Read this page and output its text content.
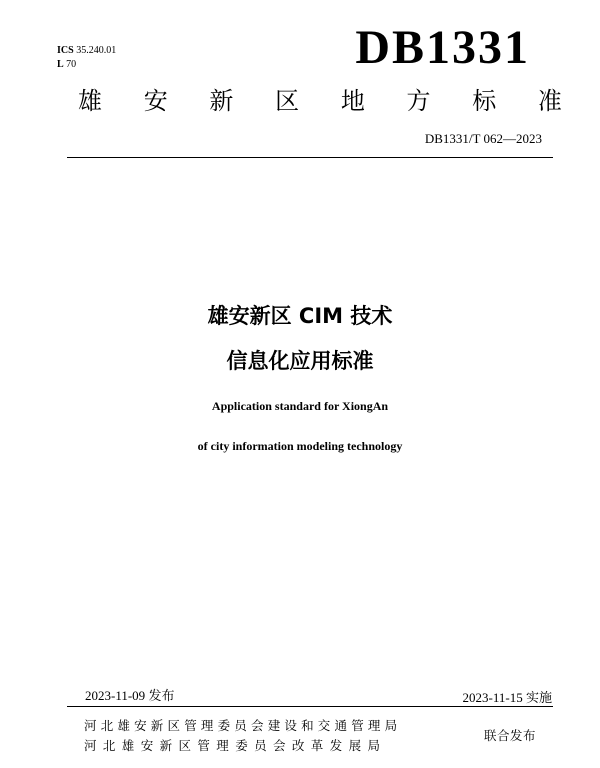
ICS 35.240.01
L 70	DB1331
雄 安 新 区 地 方 标 准
DB1331/T 062—2023
雄安新区 CIM 技术
信息化应用标准
Application standard for XiongAn
of city information modeling technology
2023-11-09 发布	2023-11-15 实施
河北雄安新区管理委员会建设和交通管理局
河北雄安新区管理委员会改革发展局
联合发布
